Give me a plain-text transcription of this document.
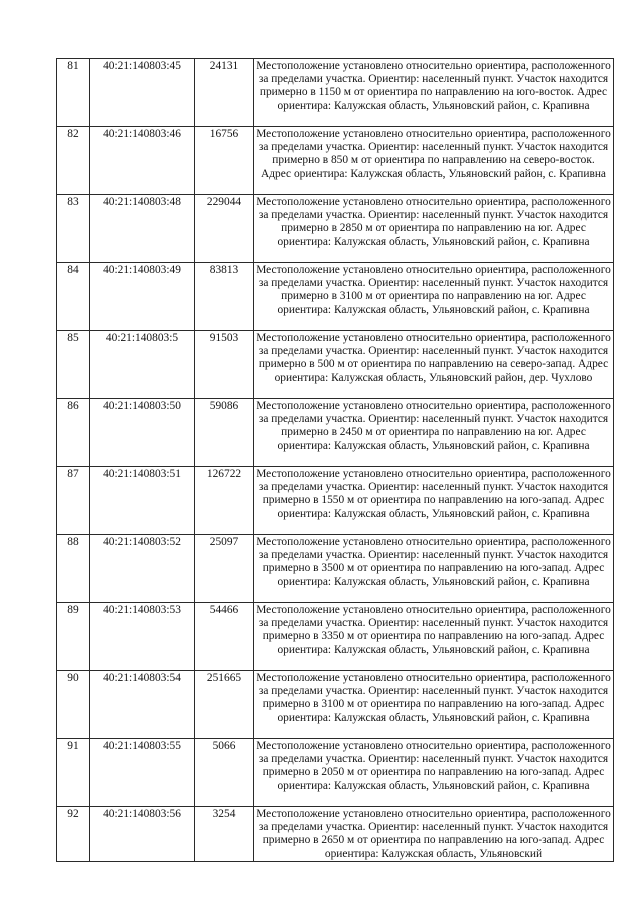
81	40:21:140803:45	24131	Местоположение установлено относительно ориентира, расположенного за пределами участка. Ориентир: населенный пункт. Участок находится примерно в 1150 м от ориентира по направлению на юго-восток. Адрес ориентира: Калужская область, Ульяновский район, с. Крапивна
82	40:21:140803:46	16756	Местоположение установлено относительно ориентира, расположенного за пределами участка. Ориентир: населенный пункт. Участок находится примерно в 850 м от ориентира по направлению на северо-восток. Адрес ориентира: Калужская область, Ульяновский район, с. Крапивна
83	40:21:140803:48	229044	Местоположение установлено относительно ориентира, расположенного за пределами участка. Ориентир: населенный пункт. Участок находится примерно в 2850 м от ориентира по направлению на юг. Адрес ориентира: Калужская область, Ульяновский район, с. Крапивна
84	40:21:140803:49	83813	Местоположение установлено относительно ориентира, расположенного за пределами участка. Ориентир: населенный пункт. Участок находится примерно в 3100 м от ориентира по направлению на юг. Адрес ориентира: Калужская область, Ульяновский район, с. Крапивна
85	40:21:140803:5	91503	Местоположение установлено относительно ориентира, расположенного за пределами участка. Ориентир: населенный пункт. Участок находится примерно в 500 м от ориентира по направлению на северо-запад. Адрес ориентира: Калужская область, Ульяновский район, дер. Чухлово
86	40:21:140803:50	59086	Местоположение установлено относительно ориентира, расположенного за пределами участка. Ориентир: населенный пункт. Участок находится примерно в 2450 м от ориентира по направлению на юг. Адрес ориентира: Калужская область, Ульяновский район, с. Крапивна
87	40:21:140803:51	126722	Местоположение установлено относительно ориентира, расположенного за пределами участка. Ориентир: населенный пункт. Участок находится примерно в 1550 м от ориентира по направлению на юго-запад. Адрес ориентира: Калужская область, Ульяновский район, с. Крапивна
88	40:21:140803:52	25097	Местоположение установлено относительно ориентира, расположенного за пределами участка. Ориентир: населенный пункт. Участок находится примерно в 3500 м от ориентира по направлению на юго-запад. Адрес ориентира: Калужская область, Ульяновский район, с. Крапивна
89	40:21:140803:53	54466	Местоположение установлено относительно ориентира, расположенного за пределами участка. Ориентир: населенный пункт. Участок находится примерно в 3350 м от ориентира по направлению на юго-запад. Адрес ориентира: Калужская область, Ульяновский район, с. Крапивна
90	40:21:140803:54	251665	Местоположение установлено относительно ориентира, расположенного за пределами участка. Ориентир: населенный пункт. Участок находится примерно в 3100 м от ориентира по направлению на юго-запад. Адрес ориентира: Калужская область, Ульяновский район, с. Крапивна
91	40:21:140803:55	5066	Местоположение установлено относительно ориентира, расположенного за пределами участка. Ориентир: населенный пункт. Участок находится примерно в 2050 м от ориентира по направлению на юго-запад. Адрес ориентира: Калужская область, Ульяновский район, с. Крапивна
92	40:21:140803:56	3254	Местоположение установлено относительно ориентира, расположенного за пределами участка. Ориентир: населенный пункт. Участок находится примерно в 2650 м от ориентира по направлению на юго-запад. Адрес ориентира: Калужская область, Ульяновский
